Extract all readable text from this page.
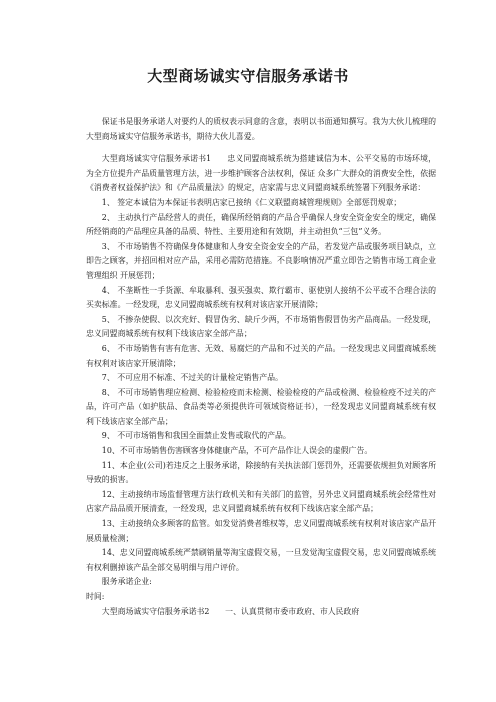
大型商场诚实守信服务承诺书

保证书是服务承诺人对要约人的质权表示同意的含意，表明以书面通知撰写。我为大伙儿梳理的大型商场诚实守信服务承诺书，期待大伙儿喜爱。

大型商场诚实守信服务承诺书1　　忠义同盟商城系统为搭建诚信为本、公平交易的市场环境，为全方位提升产品质量管理方法，进一步维护顾客合法权利，保证 众多广大群众的消费安全性，依据《消费者权益保护法》和《产品质量法》的规定，店家需与忠义同盟商城系统签署下列服务承诺：

1、 签定本诚信为本保证书表明店家已接纳《仁义联盟商城管理规则》全部惩罚规章；

2、 主动执行产品经营人的责任，确保所经销商的产品合乎确保人身安全资金安全的规定，确保所经销商的产品理应具备的品质、特性、主要用途和有效期，并主动担负“三包”义务。

3、 不市场销售不符确保身体健康和人身安全资金安全的产品，若发觉产品或服务项目缺点，立即告之顾客，并招回相对应产品，采用必需防范措施。不良影响情况严重立即告之销售市场工商企业管理组织 开展惩罚；

4、 不垄断性一手货源、牟取暴利、强买强卖、欺行霸市、驱使别人接纳不公平或不合理合法的买卖标准。一经发现，忠义同盟商城系统有权利对该店家开展清除；

5、 不掺杂使假、以次充好、假冒伪劣、缺斤少两，不市场销售假冒伪劣产品商品。一经发现，忠义同盟商城系统有权利下线该店家全部产品；

6、 不市场销售有害有危害、无效、易腐烂的产品和不过关的产品。一经发现忠义同盟商城系统有权利对该店家开展清除；

7、 不可应用不标准、不过关的计量检定销售产品。

8、 不可市场销售理应检测、检验检疫而未检测、检验检疫的产品或检测、检验检疫不过关的产品，许可产品（如护肤品、食品类等必须提供许可领域资格证书），一经发现忠义同盟商城系统有权利下线该店家全部产品；

9、 不可市场销售和我国全面禁止发售或取代的产品。

10、不可市场销售伤害顾客身体健康产品，不可产品作让人误会的虚假广告。

11、本企业(公司)若违反之上服务承诺，除接纳有关执法部门惩罚外，还需要依规担负对顾客所导致的损害。

12、主动接纳市场监督管理方法行政机关和有关部门的监管，另外忠义同盟商城系统会经常性对店家产品品质开展清查，一经发现，忠义同盟商城系统有权利下线该店家全部产品；

13、主动接纳众多顾客的监管。如发觉消费者维权等，忠义同盟商城系统有权利对该店家产品开展质量检测；

14、忠义同盟商城系统严禁刷销量等淘宝虚假交易，一旦发觉淘宝虚假交易，忠义同盟商城系统有权利删掉该产品全部交易明细与用户评价。

服务承诺企业:

时间:

大型商场诚实守信服务承诺书2　　一、认真贯彻市委市政府、市人民政府
